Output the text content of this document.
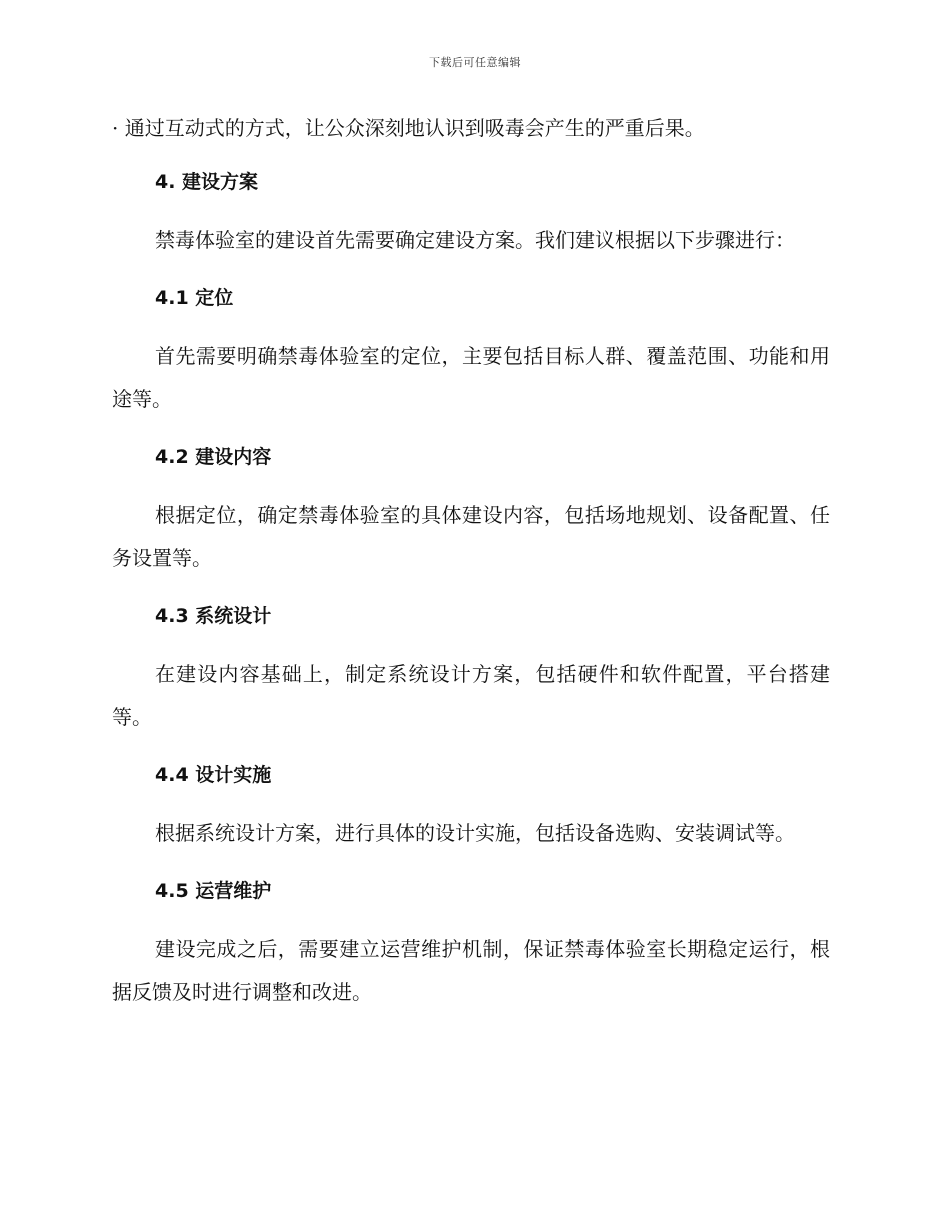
下载后可任意编辑

· 通过互动式的方式，让公众深刻地认识到吸毒会产生的严重后果。

4. 建设方案

禁毒体验室的建设首先需要确定建设方案。我们建议根据以下步骤进行：

4.1 定位

首先需要明确禁毒体验室的定位，主要包括目标人群、覆盖范围、功能和用途等。

4.2 建设内容

根据定位，确定禁毒体验室的具体建设内容，包括场地规划、设备配置、任务设置等。

4.3 系统设计

在建设内容基础上，制定系统设计方案，包括硬件和软件配置，平台搭建等。

4.4 设计实施

根据系统设计方案，进行具体的设计实施，包括设备选购、安装调试等。

4.5 运营维护

建设完成之后，需要建立运营维护机制，保证禁毒体验室长期稳定运行，根据反馈及时进行调整和改进。
